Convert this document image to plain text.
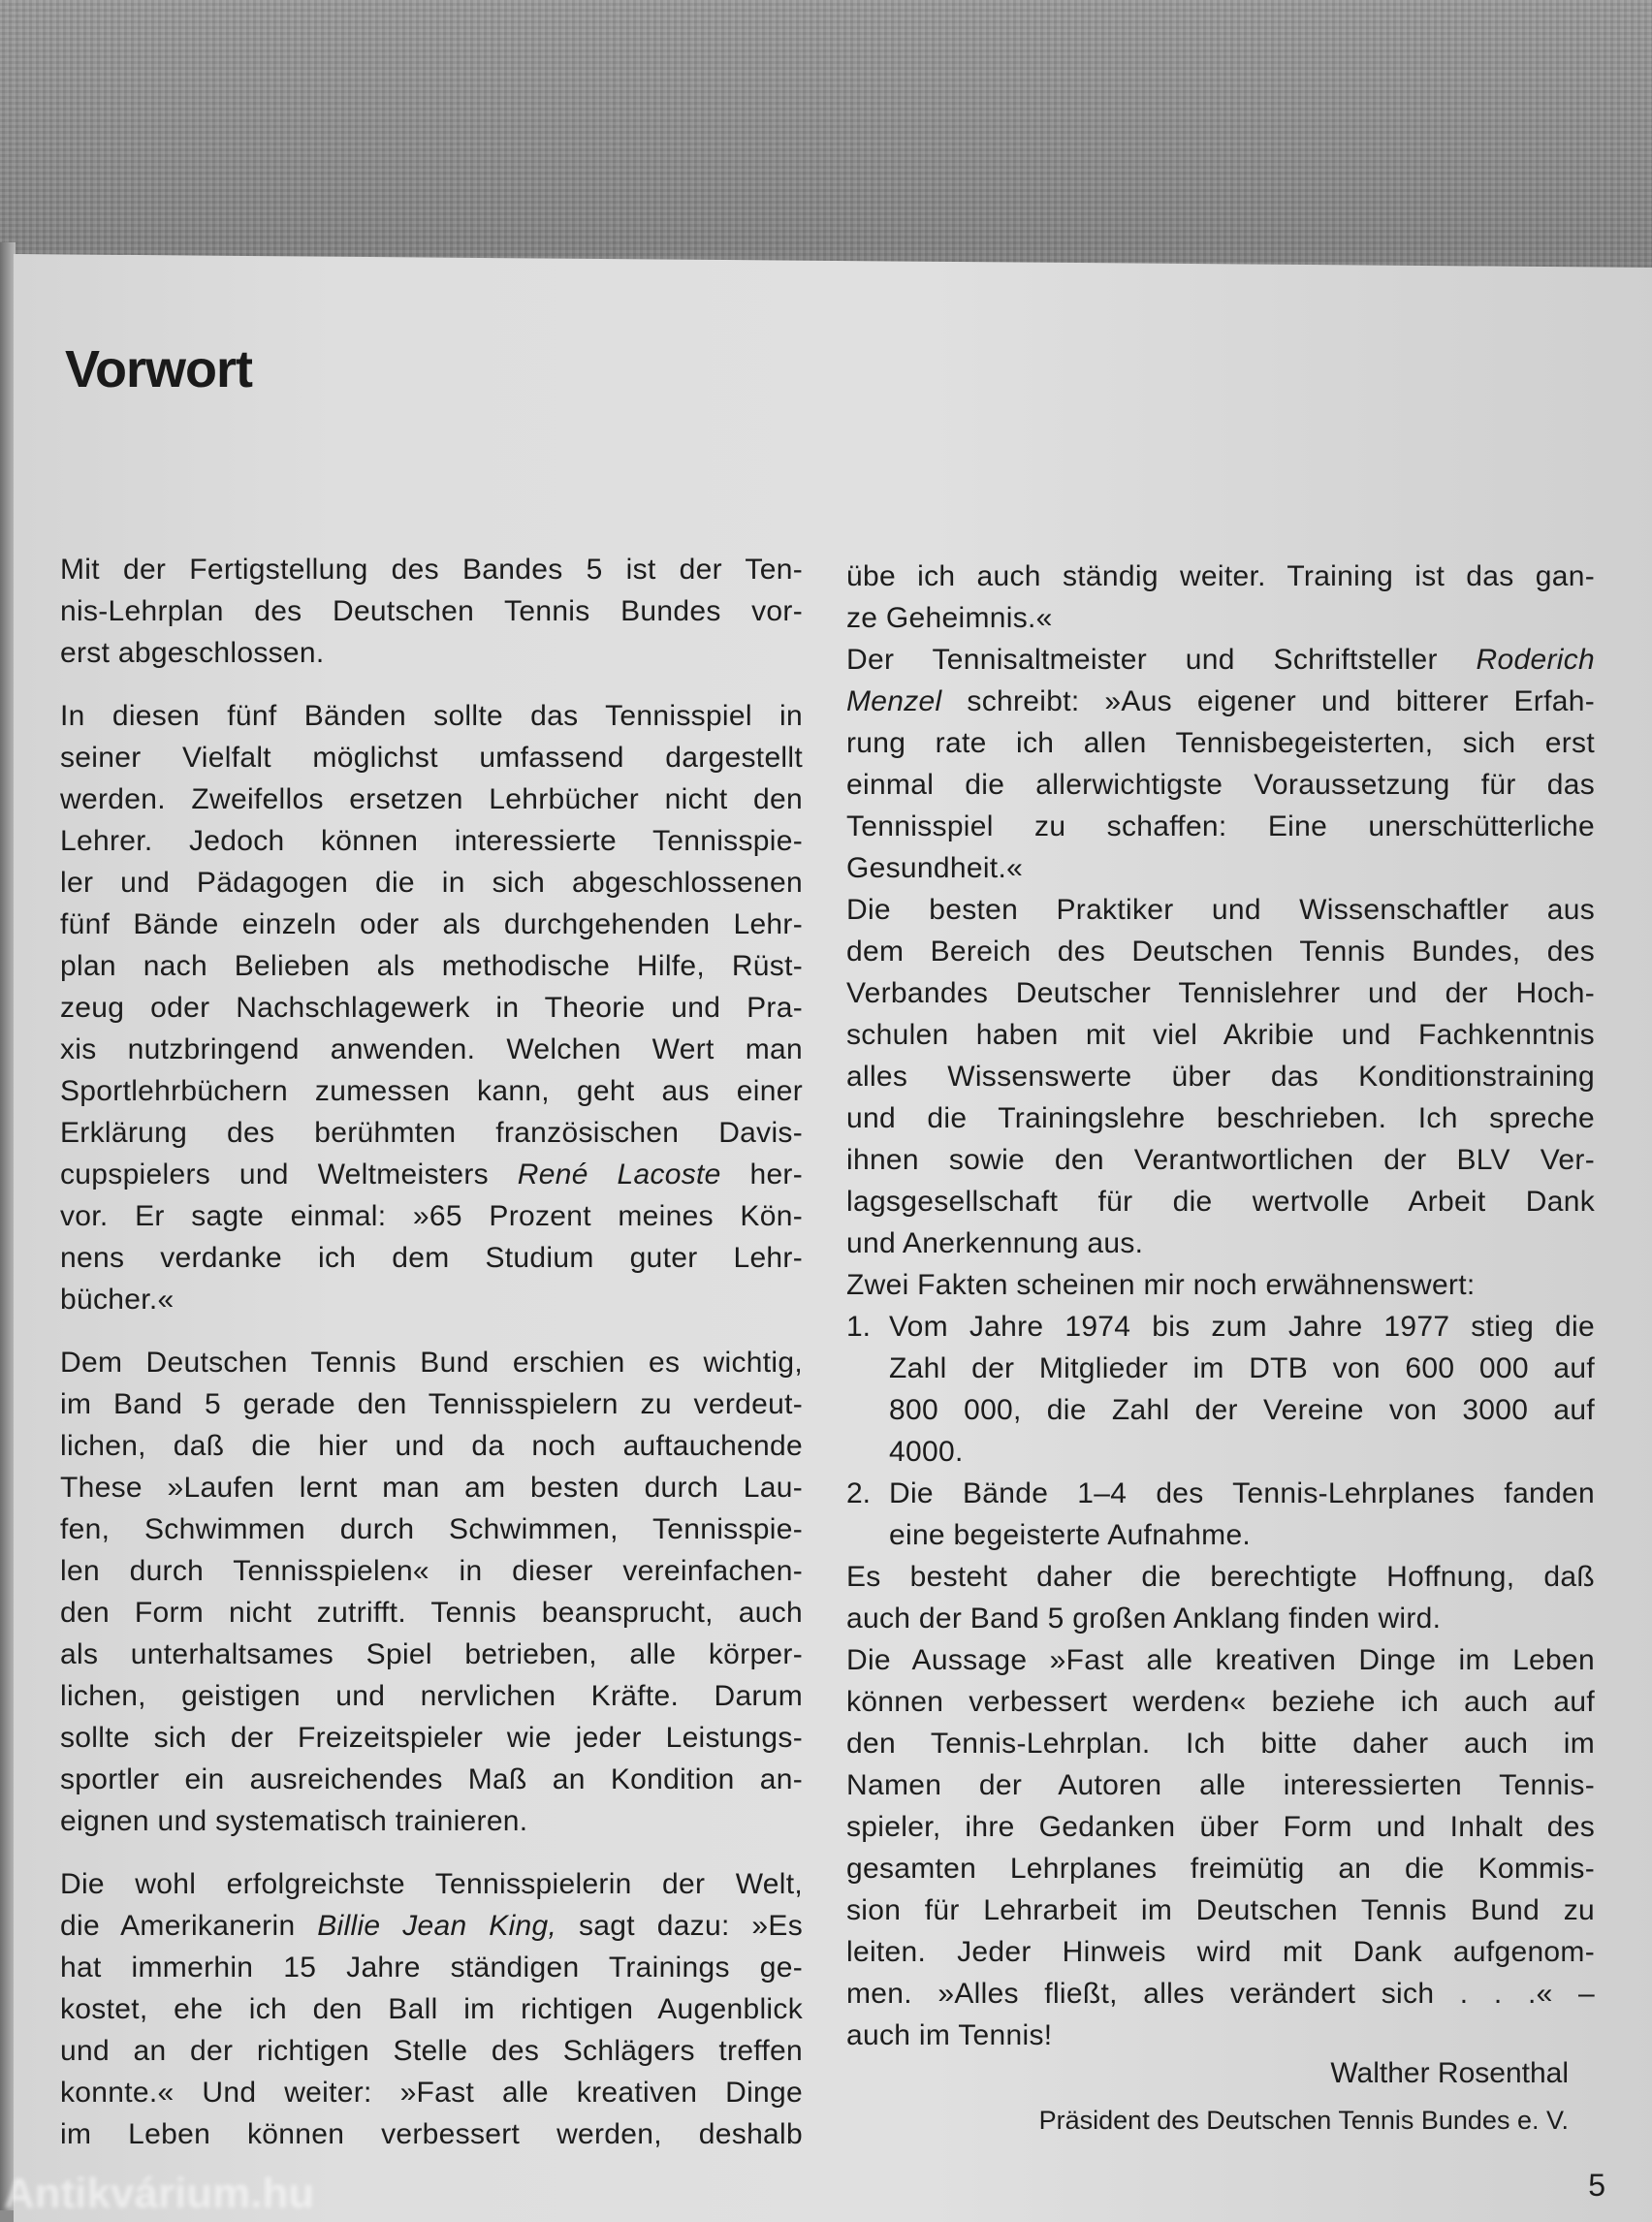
Vorwort
Mit der Fertigstellung des Bandes 5 ist der Ten-
nis-Lehrplan des Deutschen Tennis Bundes vor-
erst abgeschlossen.
In diesen fünf Bänden sollte das Tennisspiel in
seiner Vielfalt möglichst umfassend dargestellt
werden. Zweifellos ersetzen Lehrbücher nicht den
Lehrer. Jedoch können interessierte Tennisspie-
ler und Pädagogen die in sich abgeschlossenen
fünf Bände einzeln oder als durchgehenden Lehr-
plan nach Belieben als methodische Hilfe, Rüst-
zeug oder Nachschlagewerk in Theorie und Pra-
xis nutzbringend anwenden. Welchen Wert man
Sportlehrbüchern zumessen kann, geht aus einer
Erklärung des berühmten französischen Davis-
cupspielers und Weltmeisters René Lacoste her-
vor. Er sagte einmal: »65 Prozent meines Kön-
nens verdanke ich dem Studium guter Lehr-
bücher.«
Dem Deutschen Tennis Bund erschien es wichtig,
im Band 5 gerade den Tennisspielern zu verdeut-
lichen, daß die hier und da noch auftauchende
These »Laufen lernt man am besten durch Lau-
fen, Schwimmen durch Schwimmen, Tennisspie-
len durch Tennisspielen« in dieser vereinfachen-
den Form nicht zutrifft. Tennis beansprucht, auch
als unterhaltsames Spiel betrieben, alle körper-
lichen, geistigen und nervlichen Kräfte. Darum
sollte sich der Freizeitspieler wie jeder Leistungs-
sportler ein ausreichendes Maß an Kondition an-
eignen und systematisch trainieren.
Die wohl erfolgreichste Tennisspielerin der Welt,
die Amerikanerin Billie Jean King, sagt dazu: »Es
hat immerhin 15 Jahre ständigen Trainings ge-
kostet, ehe ich den Ball im richtigen Augenblick
und an der richtigen Stelle des Schlägers treffen
konnte.« Und weiter: »Fast alle kreativen Dinge
im Leben können verbessert werden, deshalb
übe ich auch ständig weiter. Training ist das gan-
ze Geheimnis.«
Der Tennisaltmeister und Schriftsteller Roderich
Menzel schreibt: »Aus eigener und bitterer Erfah-
rung rate ich allen Tennisbegeisterten, sich erst
einmal die allerwichtigste Voraussetzung für das
Tennisspiel zu schaffen: Eine unerschütterliche
Gesundheit.«
Die besten Praktiker und Wissenschaftler aus
dem Bereich des Deutschen Tennis Bundes, des
Verbandes Deutscher Tennislehrer und der Hoch-
schulen haben mit viel Akribie und Fachkenntnis
alles Wissenswerte über das Konditionstraining
und die Trainingslehre beschrieben. Ich spreche
ihnen sowie den Verantwortlichen der BLV Ver-
lagsgesellschaft für die wertvolle Arbeit Dank
und Anerkennung aus.
Zwei Fakten scheinen mir noch erwähnenswert:
1. Vom Jahre 1974 bis zum Jahre 1977 stieg die
Zahl der Mitglieder im DTB von 600 000 auf
800 000, die Zahl der Vereine von 3000 auf
4000.
2. Die Bände 1–4 des Tennis-Lehrplanes fanden
eine begeisterte Aufnahme.
Es besteht daher die berechtigte Hoffnung, daß
auch der Band 5 großen Anklang finden wird.
Die Aussage »Fast alle kreativen Dinge im Leben
können verbessert werden« beziehe ich auch auf
den Tennis-Lehrplan. Ich bitte daher auch im
Namen der Autoren alle interessierten Tennis-
spieler, ihre Gedanken über Form und Inhalt des
gesamten Lehrplanes freimütig an die Kommis-
sion für Lehrarbeit im Deutschen Tennis Bund zu
leiten. Jeder Hinweis wird mit Dank aufgenom-
men. »Alles fließt, alles verändert sich . . .« –
auch im Tennis!
Walther Rosenthal
Präsident des Deutschen Tennis Bundes e. V.
5
Antikvárium.hu
